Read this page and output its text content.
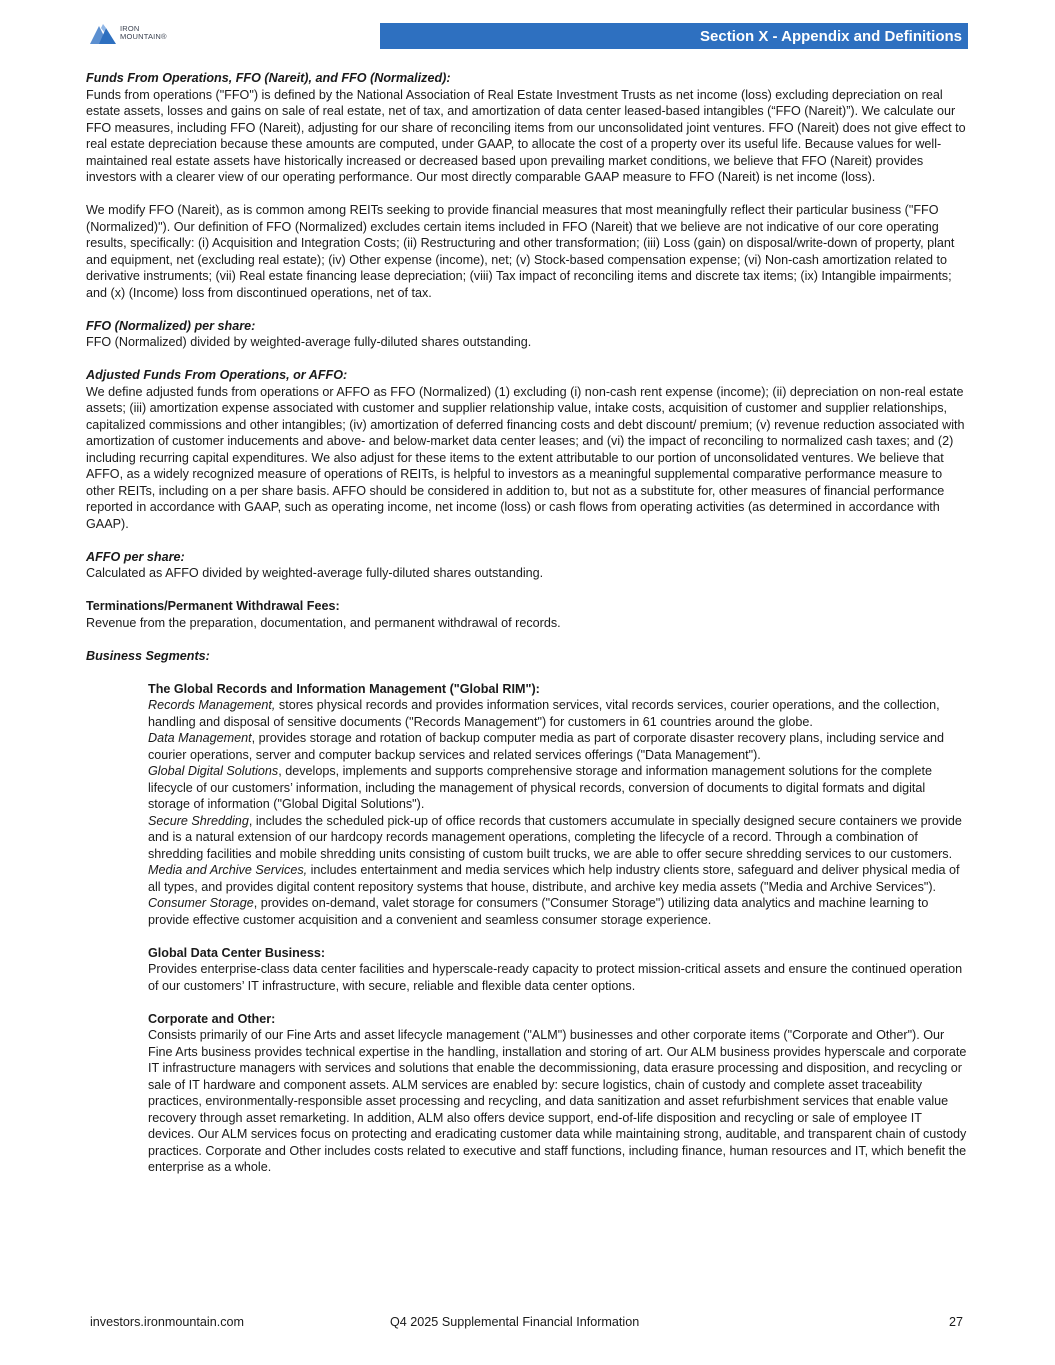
IRON
MOUNTAIN®	Section X - Appendix and Definitions

Funds From Operations, FFO (Nareit), and FFO (Normalized):

Funds from operations ("FFO") is defined by the National Association of Real Estate Investment Trusts as net income (loss) excluding depreciation on real estate assets, losses and gains on sale of real estate, net of tax, and amortization of data center leased-based intangibles (“FFO (Nareit)”). We calculate our FFO measures, including FFO (Nareit), adjusting for our share of reconciling items from our unconsolidated joint ventures. FFO (Nareit) does not give effect to real estate depreciation because these amounts are computed, under GAAP, to allocate the cost of a property over its useful life. Because values for well-maintained real estate assets have historically increased or decreased based upon prevailing market conditions, we believe that FFO (Nareit) provides investors with a clearer view of our operating performance. Our most directly comparable GAAP measure to FFO (Nareit) is net income (loss).

We modify FFO (Nareit), as is common among REITs seeking to provide financial measures that most meaningfully reflect their particular business ("FFO (Normalized)"). Our definition of FFO (Normalized) excludes certain items included in FFO (Nareit) that we believe are not indicative of our core operating results, specifically: (i) Acquisition and Integration Costs; (ii) Restructuring and other transformation; (iii) Loss (gain) on disposal/write-down of property, plant and equipment, net (excluding real estate); (iv) Other expense (income), net; (v) Stock-based compensation expense; (vi) Non-cash amortization related to derivative instruments; (vii) Real estate financing lease depreciation; (viii) Tax impact of reconciling items and discrete tax items; (ix) Intangible impairments; and (x) (Income) loss from discontinued operations, net of tax.

FFO (Normalized) per share:

FFO (Normalized) divided by weighted-average fully-diluted shares outstanding.

Adjusted Funds From Operations, or AFFO:

We define adjusted funds from operations or AFFO as FFO (Normalized) (1) excluding (i) non-cash rent expense (income); (ii) depreciation on non-real estate assets; (iii) amortization expense associated with customer and supplier relationship value, intake costs, acquisition of customer and supplier relationships, capitalized commissions and other intangibles; (iv) amortization of deferred financing costs and debt discount/ premium; (v) revenue reduction associated with amortization of customer inducements and above- and below-market data center leases; and (vi) the impact of reconciling to normalized cash taxes; and (2) including recurring capital expenditures. We also adjust for these items to the extent attributable to our portion of unconsolidated ventures. We believe that AFFO, as a widely recognized measure of operations of REITs, is helpful to investors as a meaningful supplemental comparative performance measure to other REITs, including on a per share basis. AFFO should be considered in addition to, but not as a substitute for, other measures of financial performance reported in accordance with GAAP, such as operating income, net income (loss) or cash flows from operating activities (as determined in accordance with GAAP).

AFFO per share:

Calculated as AFFO divided by weighted-average fully-diluted shares outstanding.

Terminations/Permanent Withdrawal Fees:

Revenue from the preparation, documentation, and permanent withdrawal of records.

Business Segments:

The Global Records and Information Management ("Global RIM"):

Records Management, stores physical records and provides information services, vital records services, courier operations, and the collection, handling and disposal of sensitive documents ("Records Management") for customers in 61 countries around the globe.

Data Management, provides storage and rotation of backup computer media as part of corporate disaster recovery plans, including service and courier operations, server and computer backup services and related services offerings ("Data Management").

Global Digital Solutions, develops, implements and supports comprehensive storage and information management solutions for the complete lifecycle of our customers’ information, including the management of physical records, conversion of documents to digital formats and digital storage of information ("Global Digital Solutions").

Secure Shredding, includes the scheduled pick-up of office records that customers accumulate in specially designed secure containers we provide and is a natural extension of our hardcopy records management operations, completing the lifecycle of a record. Through a combination of shredding facilities and mobile shredding units consisting of custom built trucks, we are able to offer secure shredding services to our customers.

Media and Archive Services, includes entertainment and media services which help industry clients store, safeguard and deliver physical media of all types, and provides digital content repository systems that house, distribute, and archive key media assets ("Media and Archive Services").

Consumer Storage, provides on-demand, valet storage for consumers ("Consumer Storage") utilizing data analytics and machine learning to provide effective customer acquisition and a convenient and seamless consumer storage experience.

Global Data Center Business:

Provides enterprise-class data center facilities and hyperscale-ready capacity to protect mission-critical assets and ensure the continued operation of our customers’ IT infrastructure, with secure, reliable and flexible data center options.

Corporate and Other:

Consists primarily of our Fine Arts and asset lifecycle management ("ALM") businesses and other corporate items ("Corporate and Other"). Our Fine Arts business provides technical expertise in the handling, installation and storing of art. Our ALM business provides hyperscale and corporate IT infrastructure managers with services and solutions that enable the decommissioning, data erasure processing and disposition, and recycling or sale of IT hardware and component assets. ALM services are enabled by: secure logistics, chain of custody and complete asset traceability practices, environmentally-responsible asset processing and recycling, and data sanitization and asset refurbishment services that enable value recovery through asset remarketing. In addition, ALM also offers device support, end-of-life disposition and recycling or sale of employee IT devices. Our ALM services focus on protecting and eradicating customer data while maintaining strong, auditable, and transparent chain of custody practices. Corporate and Other includes costs related to executive and staff functions, including finance, human resources and IT, which benefit the enterprise as a whole.

investors.ironmountain.com	Q4 2025 Supplemental Financial Information	27
